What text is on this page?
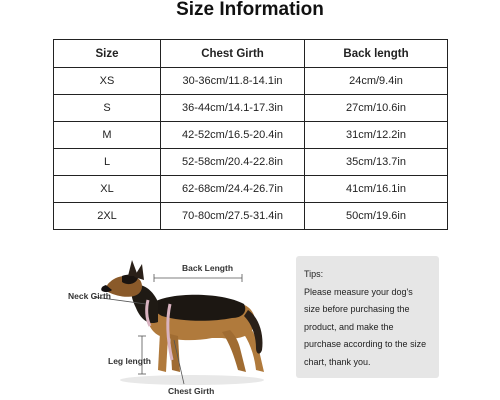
Size Information
Size	Chest Girth	Back length
XS	30-36cm/11.8-14.1in	24cm/9.4in
S	36-44cm/14.1-17.3in	27cm/10.6in
M	42-52cm/16.5-20.4in	31cm/12.2in
L	52-58cm/20.4-22.8in	35cm/13.7in
XL	62-68cm/24.4-26.7in	41cm/16.1in
2XL	70-80cm/27.5-31.4in	50cm/19.6in
Back Length
Neck Girth
Leg length
Chest Girth
Tips:
Please measure your dog's size before purchasing the product, and make the purchase according to the size chart, thank you.
